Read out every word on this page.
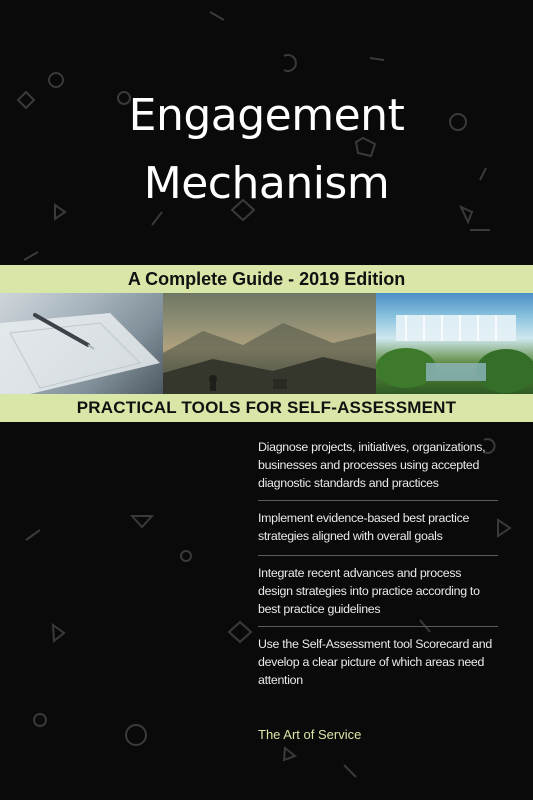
Engagement
Mechanism
A Complete Guide - 2019 Edition
PRACTICAL TOOLS FOR SELF-ASSESSMENT
Diagnose projects, initiatives, organizations, businesses and processes using accepted diagnostic standards and practices
Implement evidence-based best practice strategies aligned with overall goals
Integrate recent advances and process design strategies into practice according to best practice guidelines
Use the Self-Assessment tool Scorecard and develop a clear picture of which areas need attention
The Art of Service
